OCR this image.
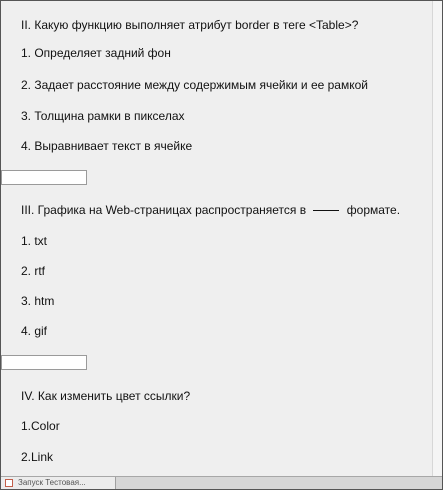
II. Какую функцию выполняет атрибут border в теге <Table>?
1. Определяет задний фон
2. Задает расстояние между содержимым ячейки и ее рамкой
3. Толщина рамки в пикселах
4. Выравнивает текст в ячейке
III. Графика на Web-страницах распространяется в	формате.
1. txt
2. rtf
3. htm
4. gif
IV. Как изменить цвет ссылки?
1.Color
2.Link
Запуск Тестовая...
